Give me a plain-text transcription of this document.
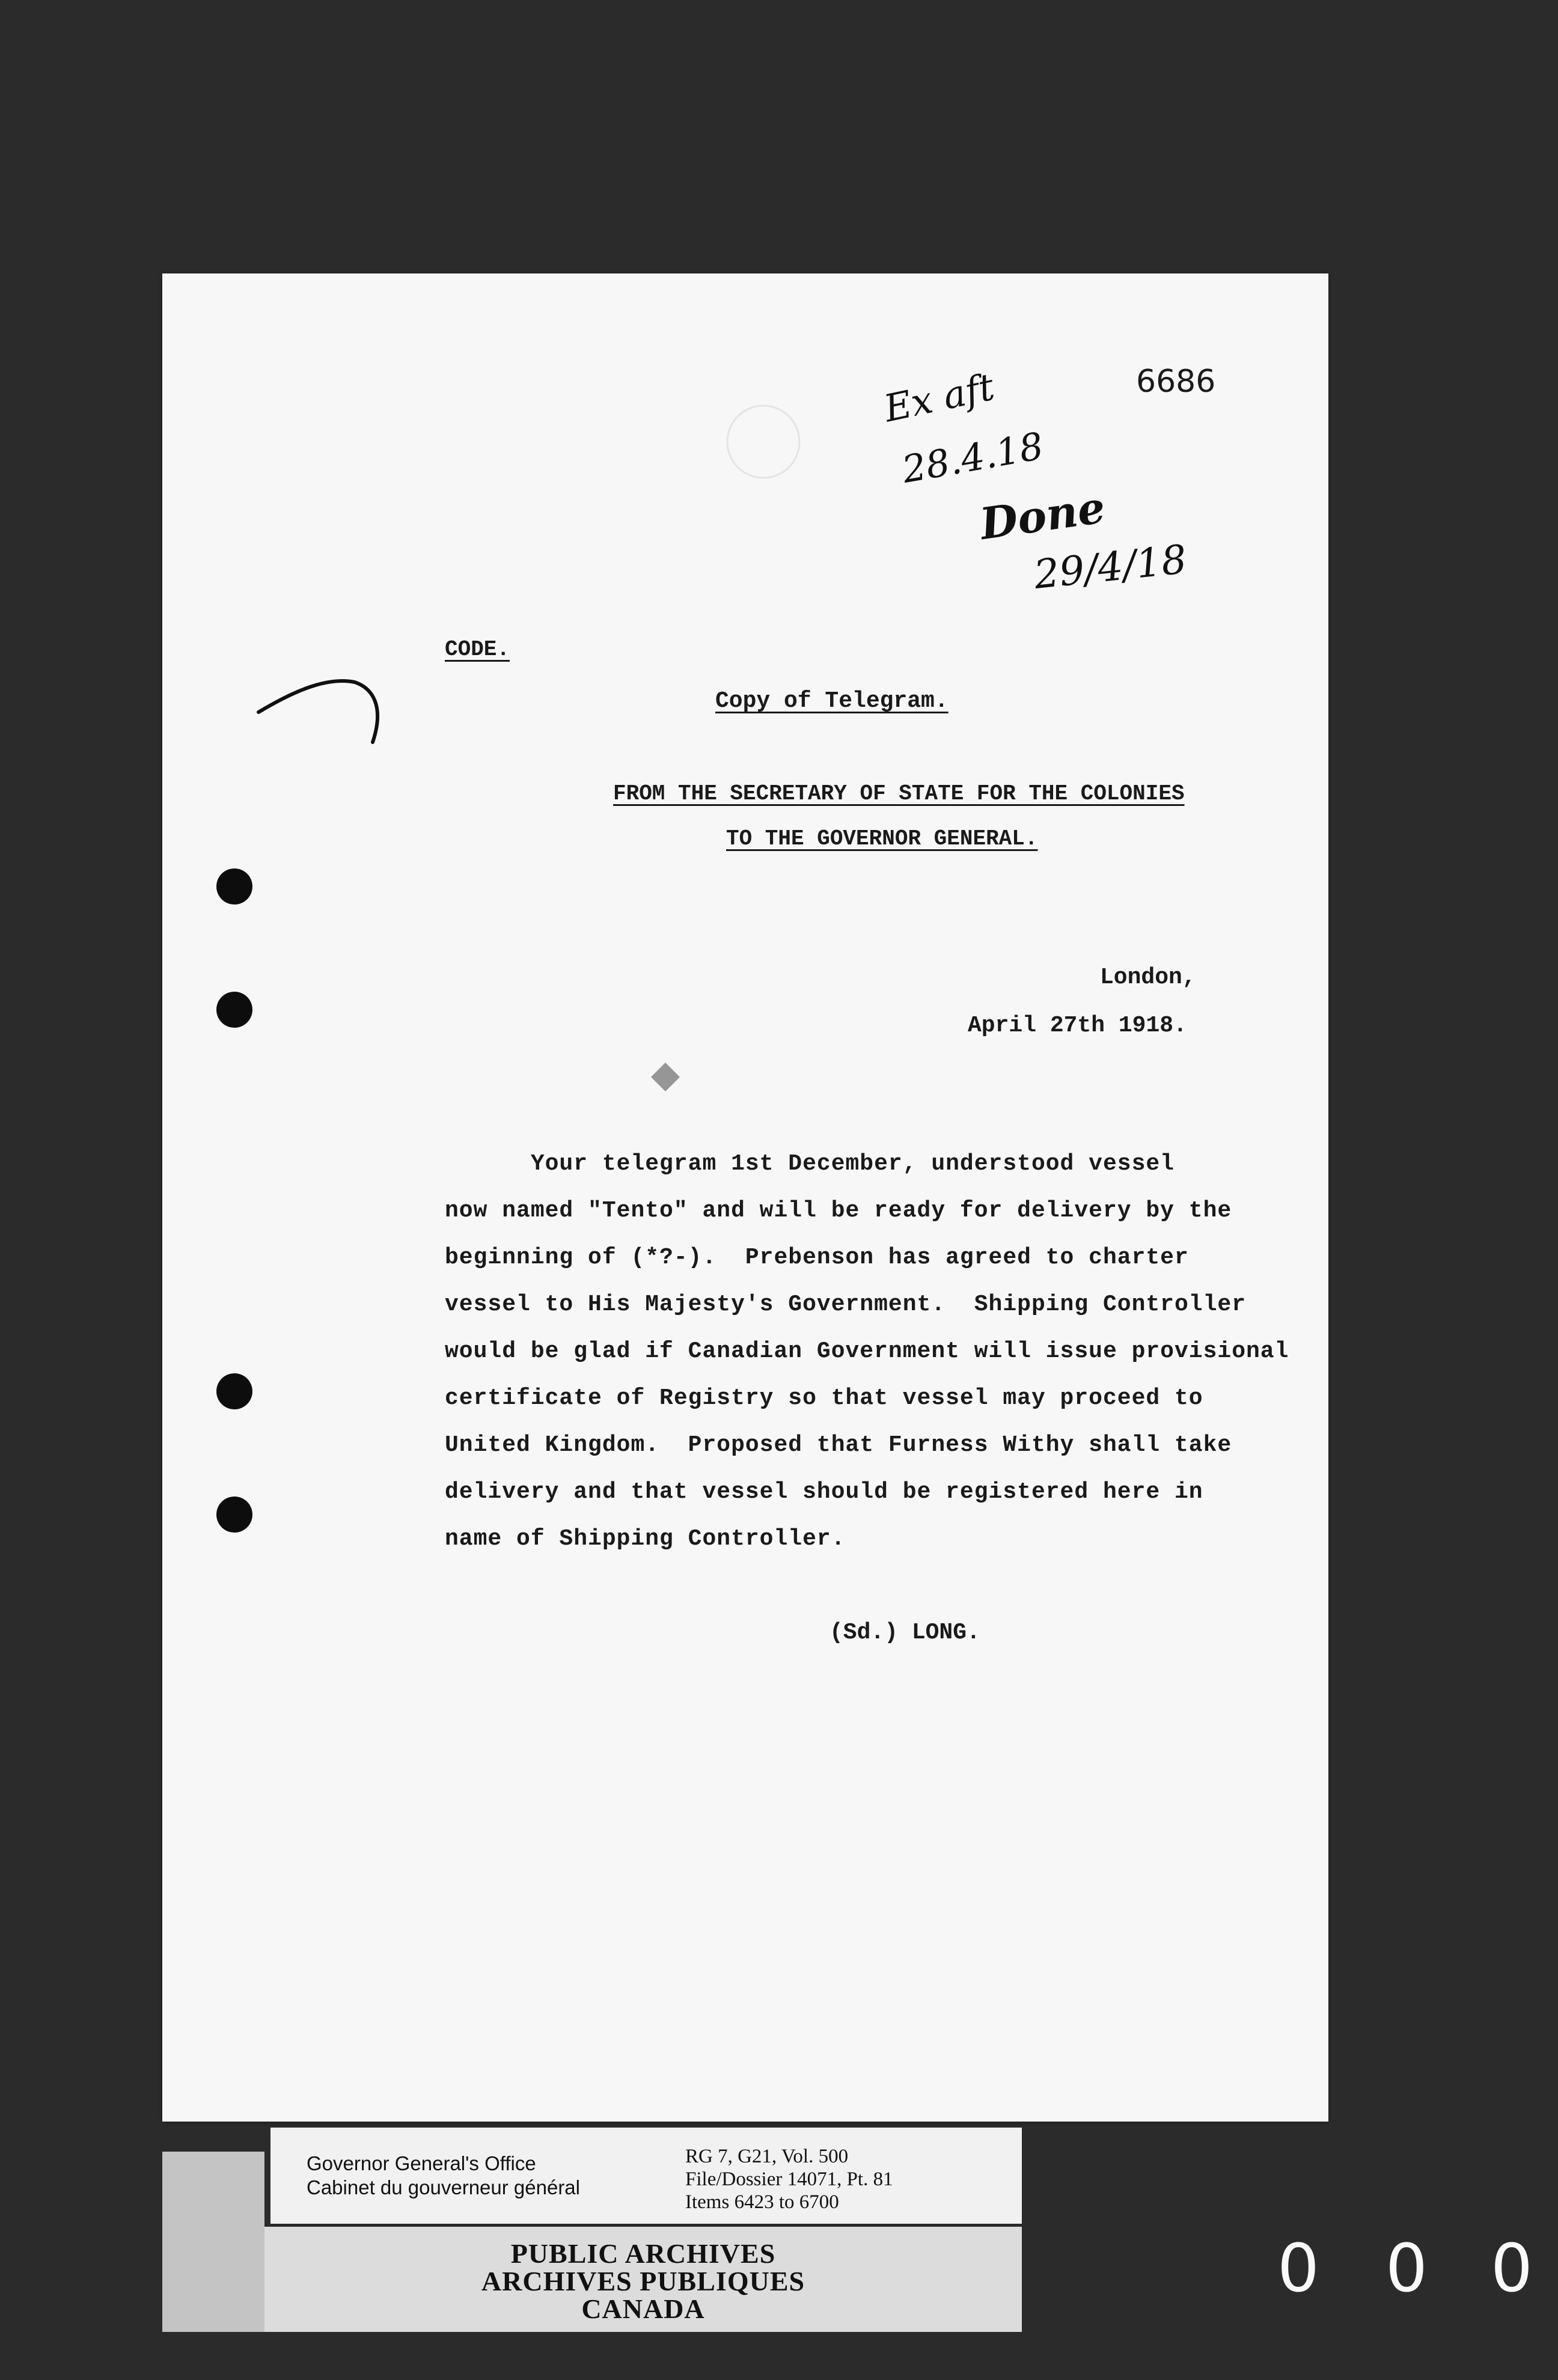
6686
Ex aft
28.4.18
Done
29/4/18
CODE.
Copy of Telegram.
FROM THE SECRETARY OF STATE FOR THE COLONIES
TO THE GOVERNOR GENERAL.
London,
April 27th 1918.
(Sd.) LONG.
Your telegram 1st December, understood vessel
now named "Tento" and will be ready for delivery by the
beginning of (*?-).  Prebenson has agreed to charter
vessel to His Majesty's Government.  Shipping Controller
would be glad if Canadian Government will issue provisional
certificate of Registry so that vessel may proceed to
United Kingdom.  Proposed that Furness Withy shall take
delivery and that vessel should be registered here in
name of Shipping Controller.
Governor General's Office
Cabinet du gouverneur général
RG 7, G21, Vol. 500
File/Dossier 14071, Pt. 81
Items 6423 to 6700
PUBLIC ARCHIVES
ARCHIVES PUBLIQUES
CANADA
0 0 0
